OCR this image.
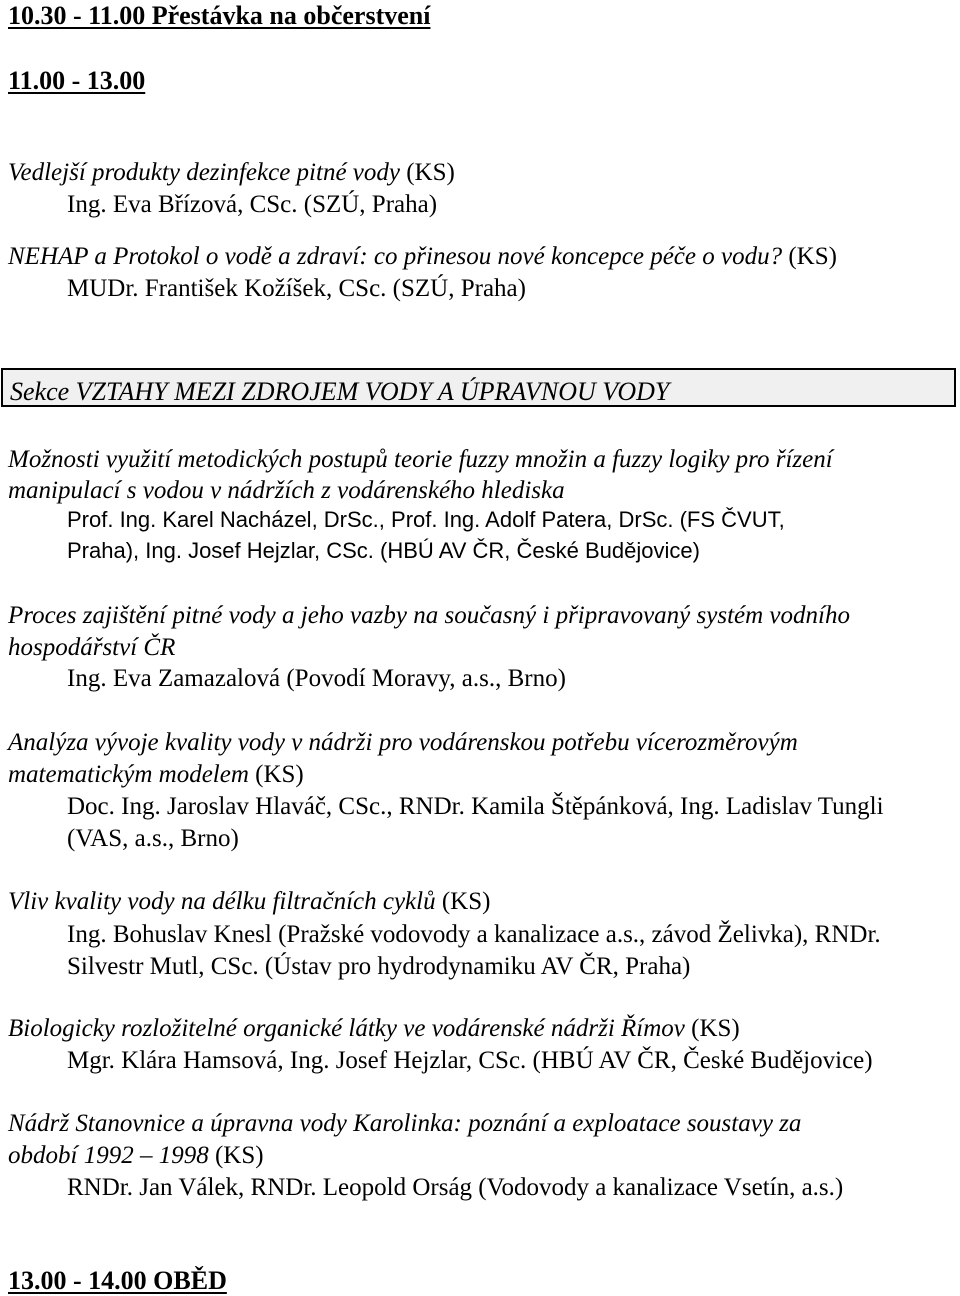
10.30 - 11.00 Přestávka na občerstvení
11.00 - 13.00
Vedlejší produkty dezinfekce pitné vody (KS)
Ing. Eva Břízová, CSc. (SZÚ, Praha)
NEHAP a Protokol o vodě a zdraví: co přinesou nové koncepce péče o vodu? (KS)
MUDr. František Kožíšek, CSc. (SZÚ, Praha)
Sekce VZTAHY MEZI ZDROJEM VODY A ÚPRAVNOU VODY
Možnosti využití metodických postupů teorie fuzzy množin a fuzzy logiky pro řízení
manipulací s vodou v nádržích z vodárenského hlediska
Prof. Ing. Karel Nacházel, DrSc., Prof. Ing. Adolf Patera, DrSc. (FS ČVUT,
Praha), Ing. Josef Hejzlar, CSc. (HBÚ AV ČR, České Budějovice)
Proces zajištění pitné vody a jeho vazby na současný i připravovaný systém vodního
hospodářství ČR
Ing. Eva Zamazalová (Povodí Moravy, a.s., Brno)
Analýza vývoje kvality vody v nádrži pro vodárenskou potřebu vícerozměrovým
matematickým modelem (KS)
Doc. Ing. Jaroslav Hlaváč, CSc., RNDr. Kamila Štěpánková, Ing. Ladislav Tungli
(VAS, a.s., Brno)
Vliv kvality vody na délku filtračních cyklů (KS)
Ing. Bohuslav Knesl (Pražské vodovody a kanalizace a.s., závod Želivka), RNDr.
Silvestr Mutl, CSc. (Ústav pro hydrodynamiku AV ČR, Praha)
Biologicky rozložitelné organické látky ve vodárenské nádrži Římov (KS)
Mgr. Klára Hamsová, Ing. Josef Hejzlar, CSc. (HBÚ AV ČR, České Budějovice)
Nádrž Stanovnice a úpravna vody Karolinka: poznání a exploatace soustavy za
období 1992 – 1998 (KS)
RNDr. Jan Válek, RNDr. Leopold Orság (Vodovody a kanalizace Vsetín, a.s.)
13.00 - 14.00 OBĚD
